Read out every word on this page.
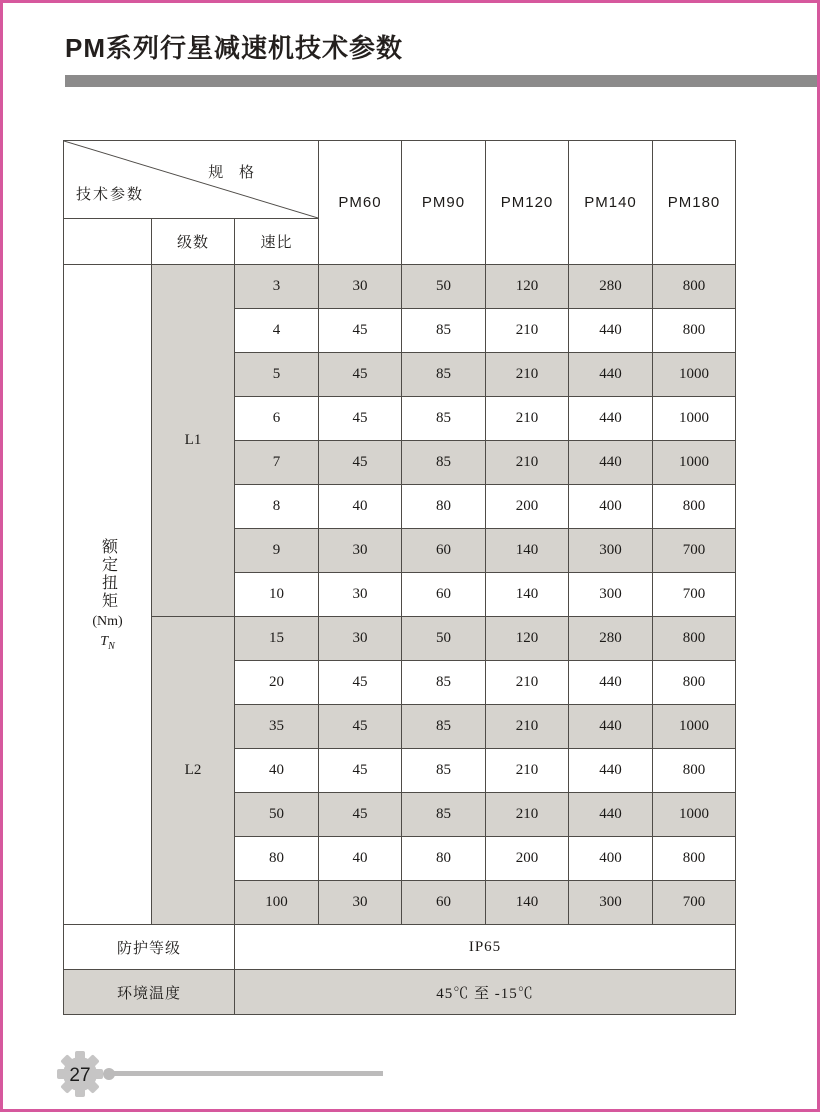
PM系列行星减速机技术参数
规 格
技术参数			PM60	PM90	PM120	PM140	PM180
	级数	速比					

额定扭矩
(Nm)
$T_N$	L1	3	30	50	120	280	800
		4	45	85	210	440	800
		5	45	85	210	440	1000
		6	45	85	210	440	1000
		7	45	85	210	440	1000
		8	40	80	200	400	800
		9	30	60	140	300	700
		10	30	60	140	300	700
	L2	15	30	50	120	280	800
		20	45	85	210	440	800
		35	45	85	210	440	1000
		40	45	85	210	440	800
		50	45	85	210	440	1000
		80	40	80	200	400	800
		100	30	60	140	300	700
防护等级		IP65					
环境温度		45℃ 至 -15℃					
27
